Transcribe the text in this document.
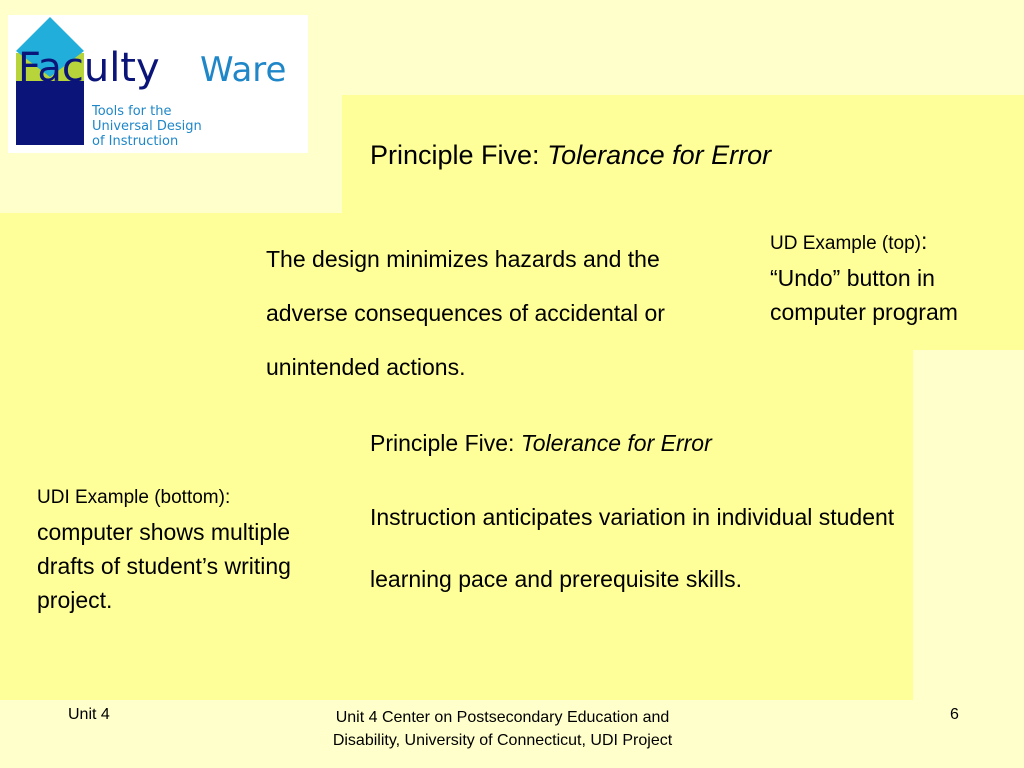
Faculty Ware
Tools for the
Universal Design
of Instruction	Principle Five: Tolerance for Error
The design minimizes hazards and the adverse consequences of accidental or unintended actions.
UD Example (top):
“Undo” button in computer program
Principle Five: Tolerance for Error
Instruction anticipates variation in individual student learning pace and prerequisite skills.
UDI Example (bottom):
computer shows multiple drafts of student’s writing project.
Unit 4	Unit 4 Center on Postsecondary Education and
Disability, University of Connecticut, UDI Project
6
